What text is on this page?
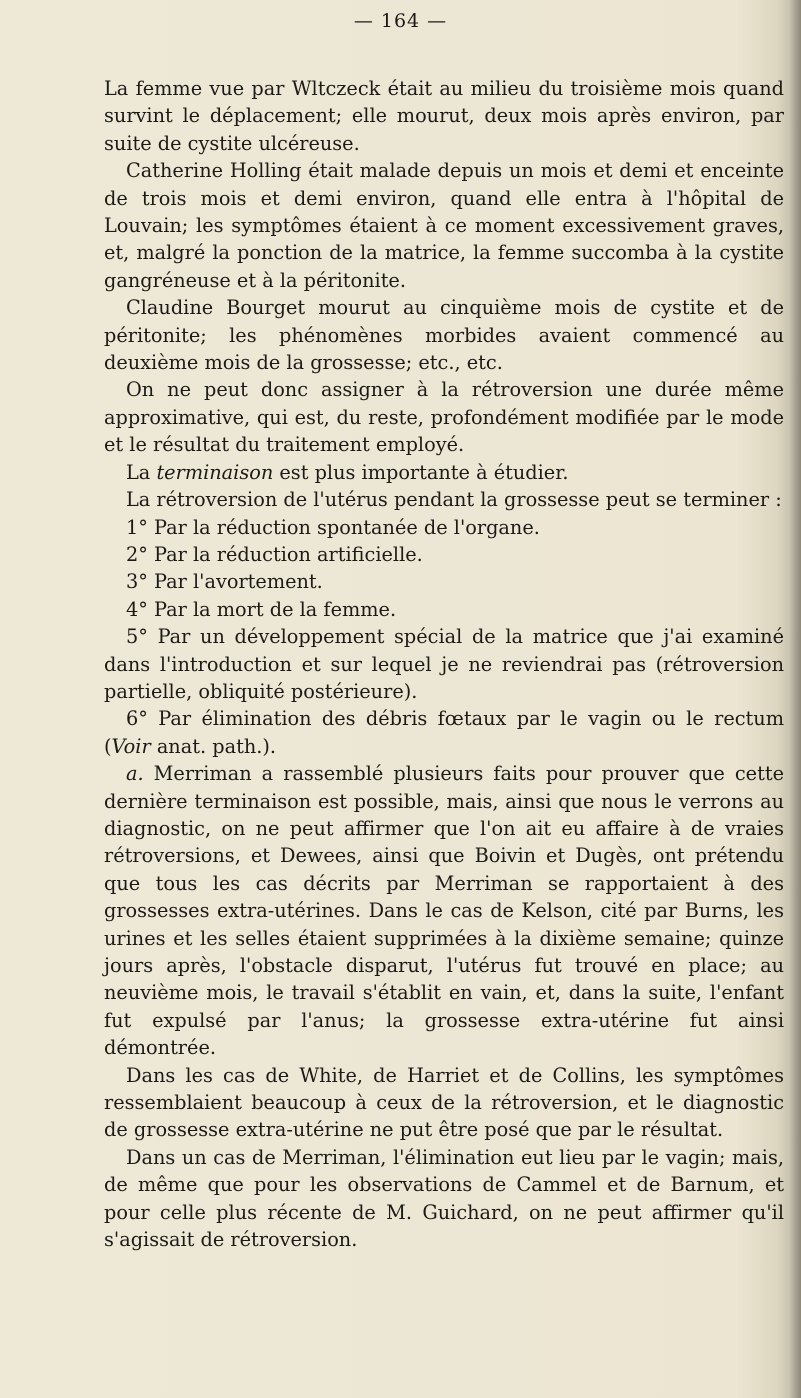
— 164 —

La femme vue par Wltczeck était au milieu du troisième mois quand survint le déplacement; elle mourut, deux mois après environ, par suite de cystite ulcéreuse.

Catherine Holling était malade depuis un mois et demi et enceinte de trois mois et demi environ, quand elle entra à l'hôpital de Louvain; les symptômes étaient à ce moment excessivement graves, et, malgré la ponction de la matrice, la femme succomba à la cystite gangréneuse et à la péritonite.

Claudine Bourget mourut au cinquième mois de cystite et de péritonite; les phénomènes morbides avaient commencé au deuxième mois de la grossesse; etc., etc.

On ne peut donc assigner à la rétroversion une durée même approximative, qui est, du reste, profondément modifiée par le mode et le résultat du traitement employé.

La terminaison est plus importante à étudier.

La rétroversion de l'utérus pendant la grossesse peut se terminer :

1° Par la réduction spontanée de l'organe.

2° Par la réduction artificielle.

3° Par l'avortement.

4° Par la mort de la femme.

5° Par un développement spécial de la matrice que j'ai examiné dans l'introduction et sur lequel je ne reviendrai pas (rétroversion partielle, obliquité postérieure).

6° Par élimination des débris fœtaux par le vagin ou le rectum (Voir anat. path.).

a. Merriman a rassemblé plusieurs faits pour prouver que cette dernière terminaison est possible, mais, ainsi que nous le verrons au diagnostic, on ne peut affirmer que l'on ait eu affaire à de vraies rétroversions, et Dewees, ainsi que Boivin et Dugès, ont prétendu que tous les cas décrits par Merriman se rapportaient à des grossesses extra-utérines. Dans le cas de Kelson, cité par Burns, les urines et les selles étaient supprimées à la dixième semaine; quinze jours après, l'obstacle disparut, l'utérus fut trouvé en place; au neuvième mois, le travail s'établit en vain, et, dans la suite, l'enfant fut expulsé par l'anus; la grossesse extra-utérine fut ainsi démontrée.

Dans les cas de White, de Harriet et de Collins, les symptômes ressemblaient beaucoup à ceux de la rétroversion, et le diagnostic de grossesse extra-utérine ne put être posé que par le résultat.

Dans un cas de Merriman, l'élimination eut lieu par le vagin; mais, de même que pour les observations de Cammel et de Barnum, et pour celle plus récente de M. Guichard, on ne peut affirmer qu'il s'agissait de rétroversion.
